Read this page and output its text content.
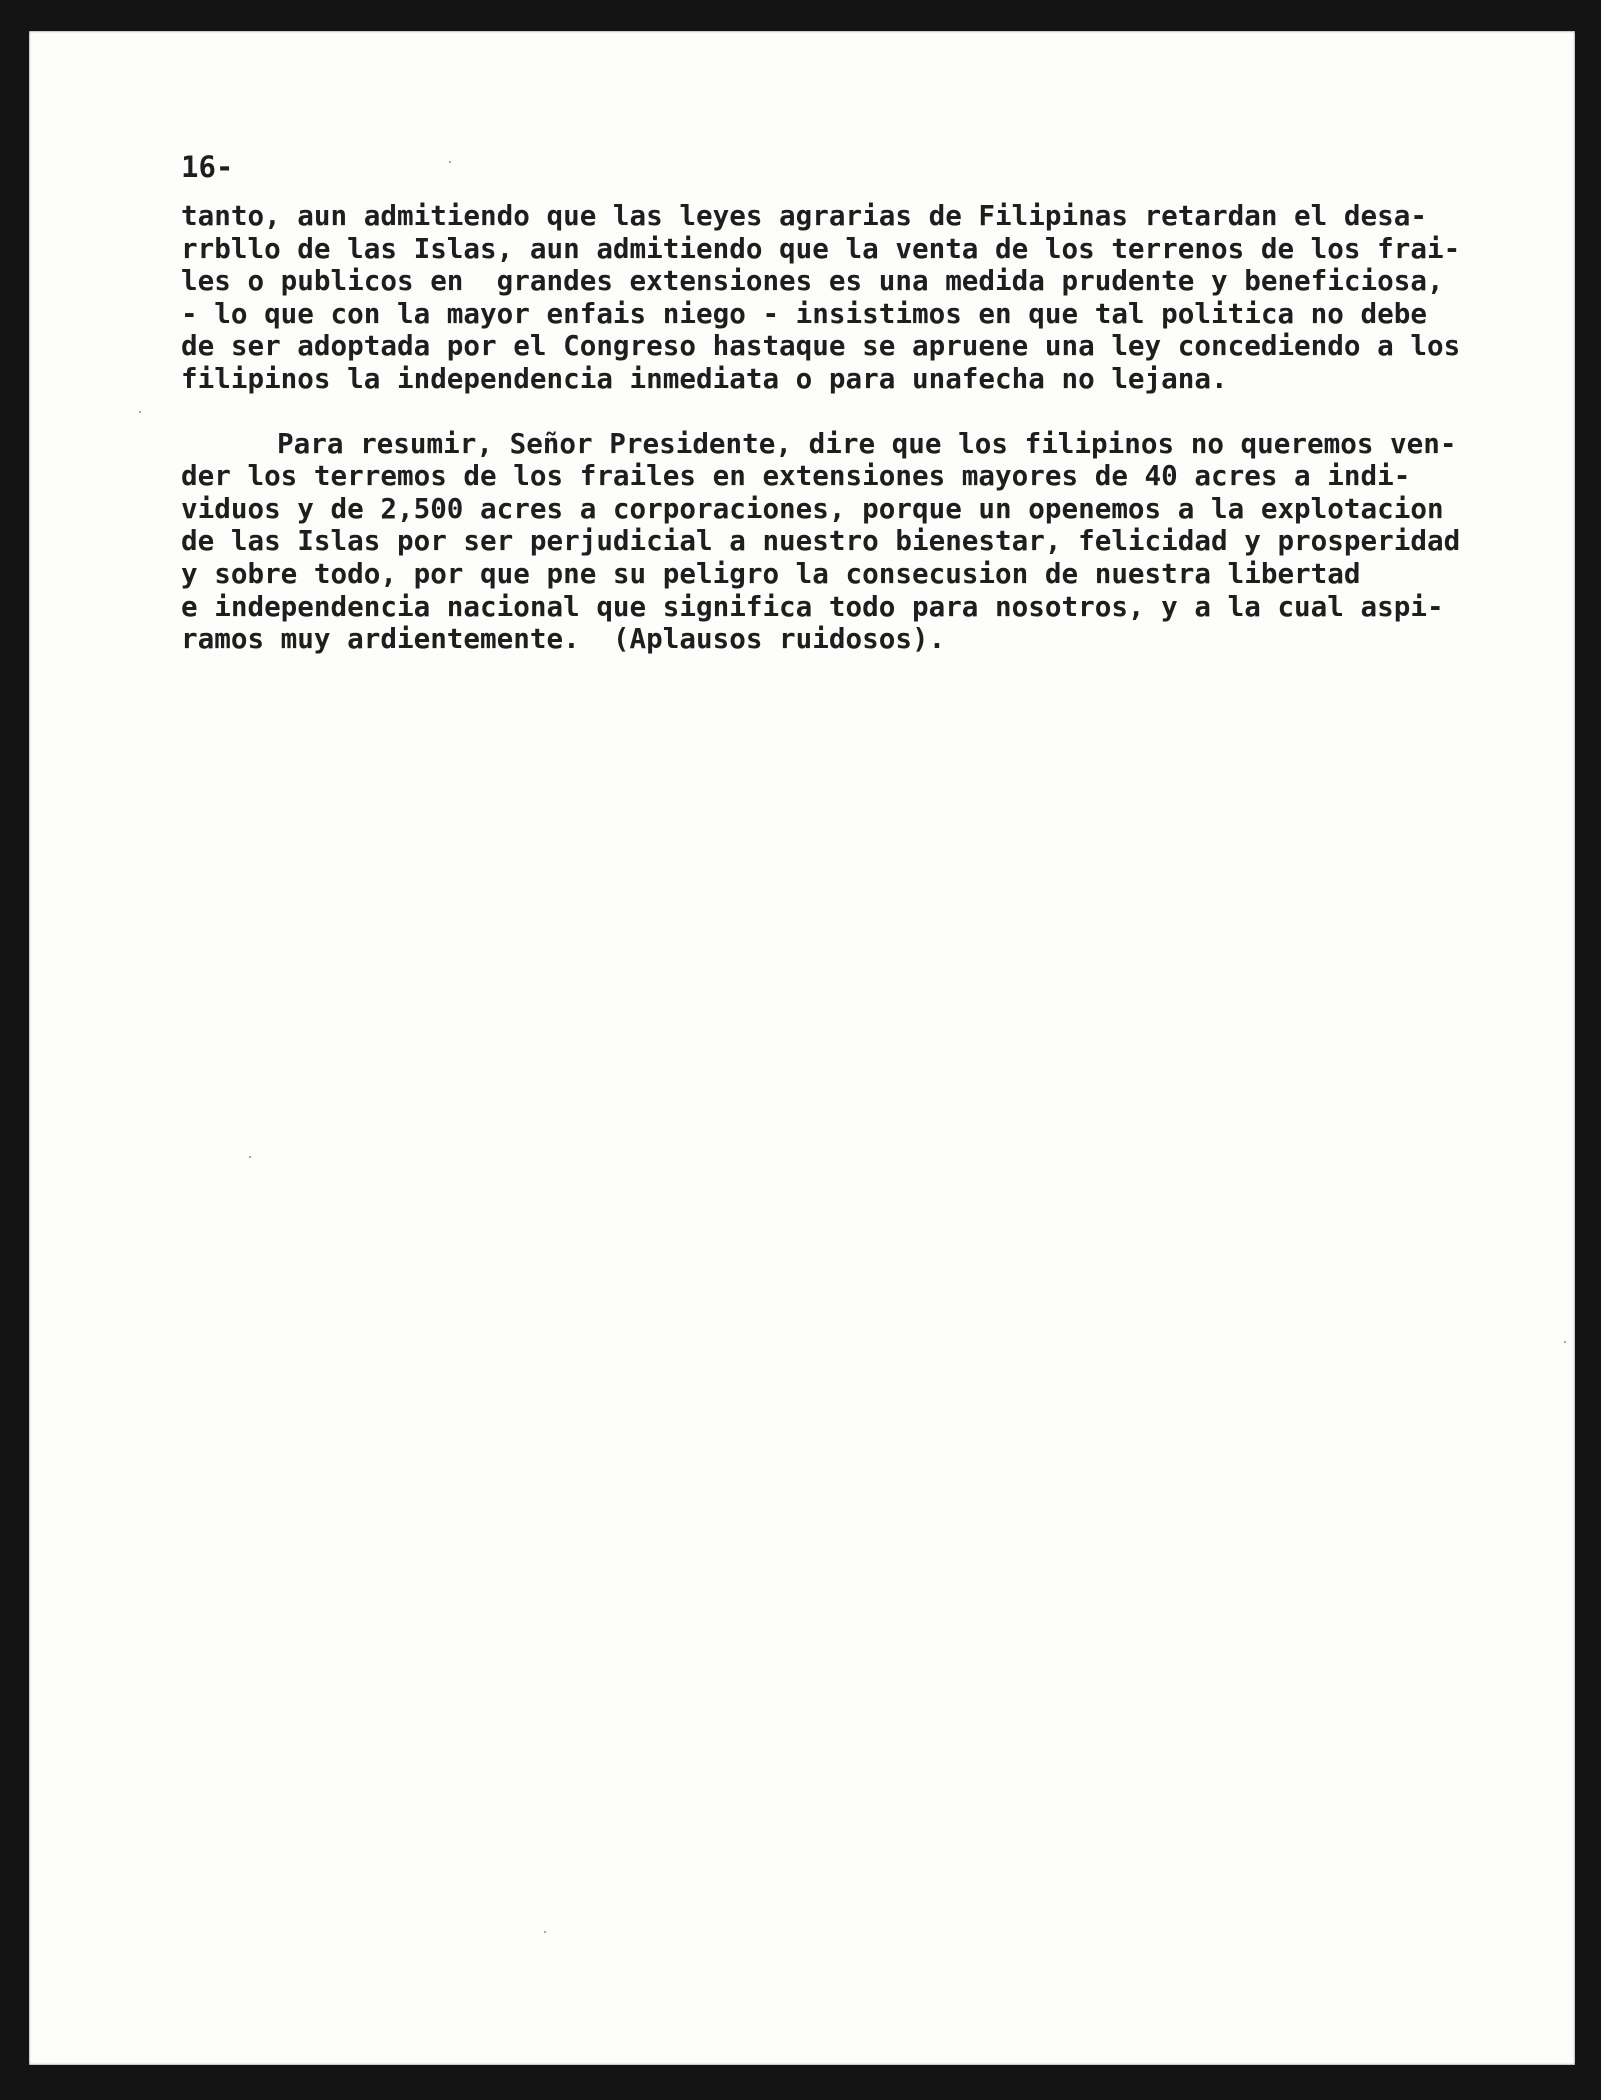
16-

tanto, aun admitiendo que las leyes agrarias de Filipinas retardan el desa-
rrbllo de las Islas, aun admitiendo que la venta de los terrenos de los frai-
les o publicos en  grandes extensiones es una medida prudente y beneficiosa,
- lo que con la mayor enfais niego - insistimos en que tal politica no debe
de ser adoptada por el Congreso hastaque se apruene una ley concediendo a los
filipinos la independencia inmediata o para unafecha no lejana.
Para resumir, Señor Presidente, dire que los filipinos no queremos ven-
der los terremos de los frailes en extensiones mayores de 40 acres a indi-
viduos y de 2,500 acres a corporaciones, porque un openemos a la explotacion
de las Islas por ser perjudicial a nuestro bienestar, felicidad y prosperidad
y sobre todo, por que pne su peligro la consecusion de nuestra libertad
e independencia nacional que significa todo para nosotros, y a la cual aspi-
ramos muy ardientemente.  (Aplausos ruidosos).
